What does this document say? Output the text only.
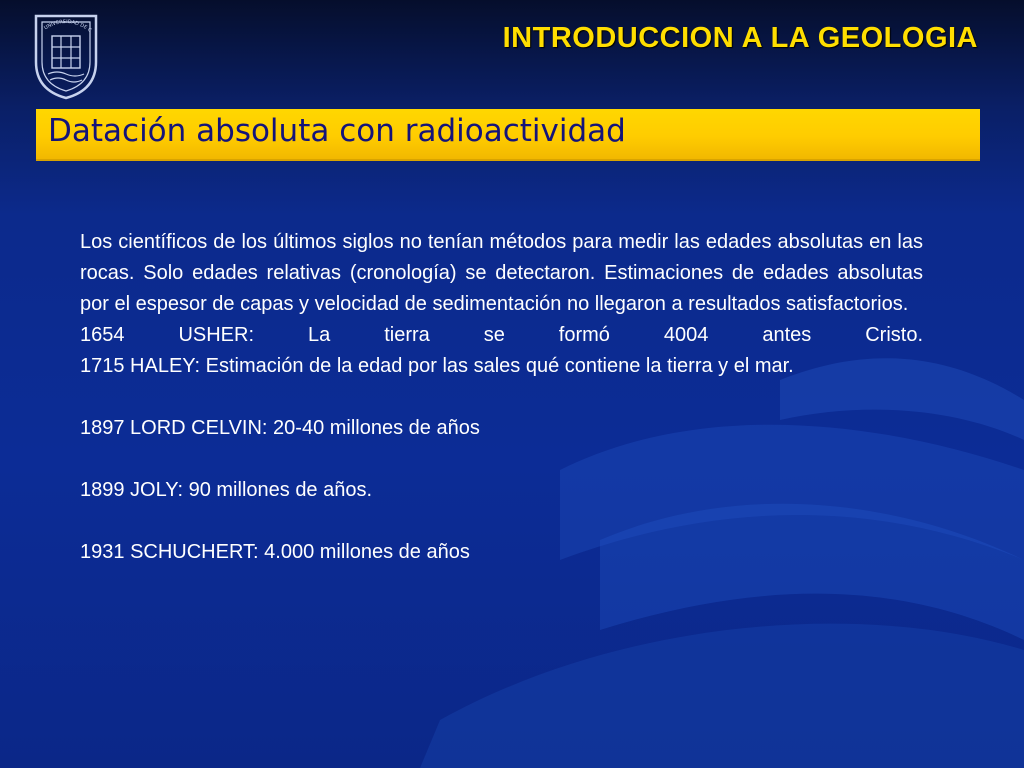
UNIVERSIDAD DE C	INTRODUCCION A LA GEOLOGIA
Datación absoluta con radioactividad

Los científicos de los últimos siglos no tenían métodos para medir las edades absolutas en las rocas. Solo edades relativas (cronología) se detectaron. Estimaciones de edades absolutas por el espesor de capas y velocidad de sedimentación no llegaron a resultados satisfactorios.

1654 USHER: La tierra se formó 4004 antes Cristo.

1715 HALEY: Estimación de la edad por las sales qué contiene la tierra y el mar.

1897 LORD CELVIN: 20-40 millones de años

1899 JOLY: 90 millones de años.

1931 SCHUCHERT: 4.000 millones de años
